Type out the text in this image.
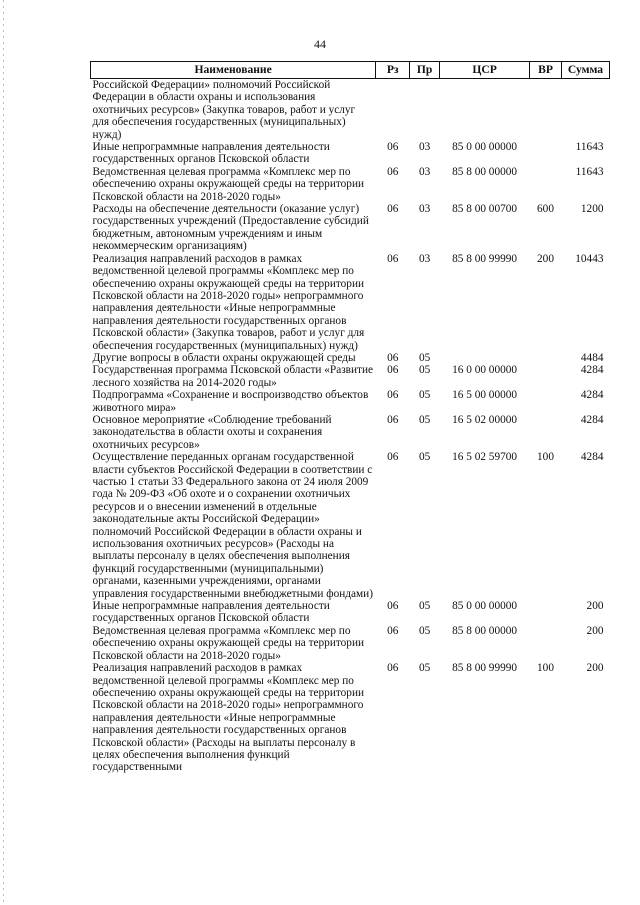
44
Наименование	Рз	Пр	ЦСР	ВР	Сумма
Российской Федерации» полномочий Российской Федерации в области охраны и использования охотничьих ресурсов» (Закупка товаров, работ и услуг для обеспечения государственных (муниципальных) нужд)					
Иные непрограммные направления деятельности государственных органов Псковской области	06	03	85 0 00 00000		11643
Ведомственная целевая программа «Комплекс мер по обеспечению охраны окружающей среды на территории Псковской области на 2018-2020 годы»	06	03	85 8 00 00000		11643
Расходы на обеспечение деятельности (оказание услуг) государственных учреждений (Предоставление субсидий бюджетным, автономным учреждениям и иным некоммерческим организациям)	06	03	85 8 00 00700	600	1200
Реализация направлений расходов в рамках ведомственной целевой программы «Комплекс мер по обеспечению охраны окружающей среды на территории Псковской области на 2018-2020 годы» непрограммного направления деятельности «Иные непрограммные направления деятельности государственных органов Псковской области» (Закупка товаров, работ и услуг для обеспечения государственных (муниципальных) нужд)	06	03	85 8 00 99990	200	10443
Другие вопросы в области охраны окружающей среды	06	05			4484
Государственная программа Псковской области «Развитие лесного хозяйства на 2014-2020 годы»	06	05	16 0 00 00000		4284
Подпрограмма «Сохранение и воспроизводство объектов животного мира»	06	05	16 5 00 00000		4284
Основное мероприятие «Соблюдение требований законодательства в области охоты и сохранения охотничьих ресурсов»	06	05	16 5 02 00000		4284
Осуществление переданных органам государственной власти субъектов Российской Федерации в соответствии с частью 1 статьи 33 Федерального закона от 24 июля 2009 года № 209-ФЗ «Об охоте и о сохранении охотничьих ресурсов и о внесении изменений в отдельные законодательные акты Российской Федерации» полномочий Российской Федерации в области охраны и использования охотничьих ресурсов» (Расходы на выплаты персоналу в целях обеспечения выполнения функций государственными (муниципальными) органами, казенными учреждениями, органами управления государственными внебюджетными фондами)	06	05	16 5 02 59700	100	4284
Иные непрограммные направления деятельности государственных органов Псковской области	06	05	85 0 00 00000		200
Ведомственная целевая программа «Комплекс мер по обеспечению охраны окружающей среды на территории Псковской области на 2018-2020 годы»	06	05	85 8 00 00000		200
Реализация направлений расходов в рамках ведомственной целевой программы «Комплекс мер по обеспечению охраны окружающей среды на территории Псковской области на 2018-2020 годы» непрограммного направления деятельности «Иные непрограммные направления деятельности государственных органов Псковской области» (Расходы на выплаты персоналу в целях обеспечения выполнения функций государственными	06	05	85 8 00 99990	100	200
